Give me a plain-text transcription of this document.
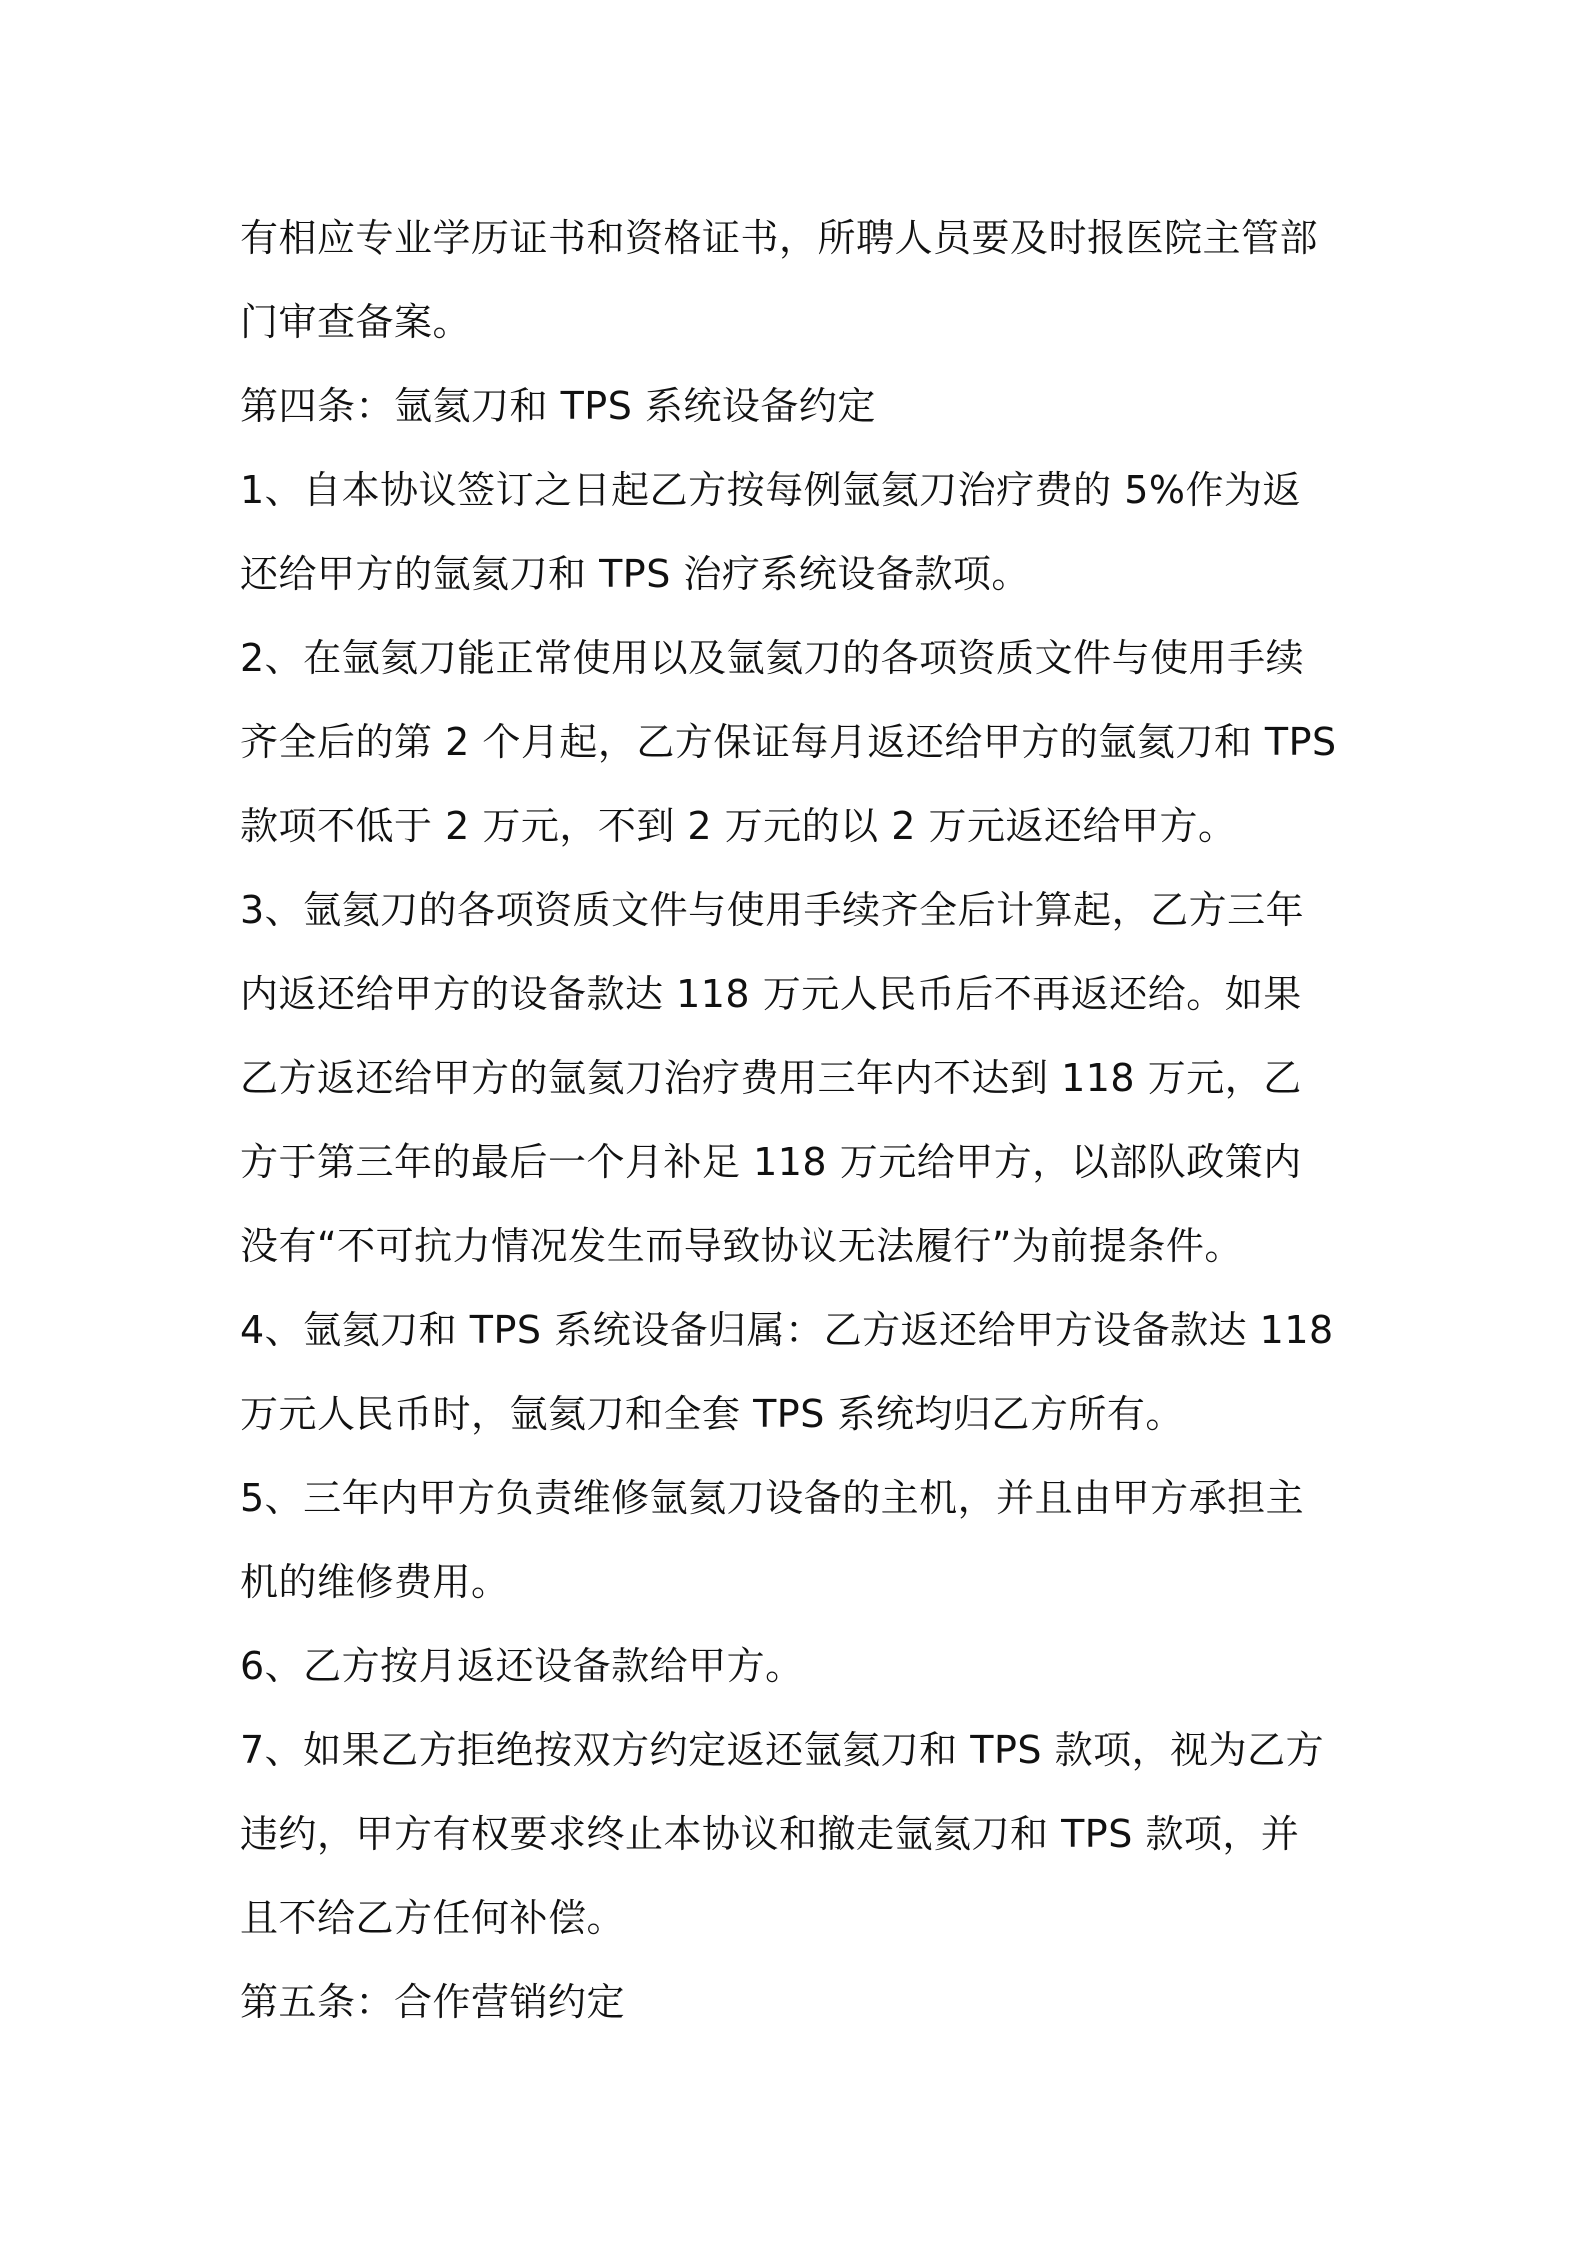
有相应专业学历证书和资格证书，所聘人员要及时报医院主管部
门审查备案。
第四条：氩氦刀和 TPS 系统设备约定
1、自本协议签订之日起乙方按每例氩氦刀治疗费的 5%作为返
还给甲方的氩氦刀和 TPS 治疗系统设备款项。
2、在氩氦刀能正常使用以及氩氦刀的各项资质文件与使用手续
齐全后的第 2 个月起，乙方保证每月返还给甲方的氩氦刀和 TPS
款项不低于 2 万元，不到 2 万元的以 2 万元返还给甲方。
3、氩氦刀的各项资质文件与使用手续齐全后计算起，乙方三年
内返还给甲方的设备款达 118 万元人民币后不再返还给。如果
乙方返还给甲方的氩氦刀治疗费用三年内不达到 118 万元，乙
方于第三年的最后一个月补足 118 万元给甲方，以部队政策内
没有“不可抗力情况发生而导致协议无法履行”为前提条件。
4、氩氦刀和 TPS 系统设备归属：乙方返还给甲方设备款达 118
万元人民币时，氩氦刀和全套 TPS 系统均归乙方所有。
5、三年内甲方负责维修氩氦刀设备的主机，并且由甲方承担主
机的维修费用。
6、乙方按月返还设备款给甲方。
7、如果乙方拒绝按双方约定返还氩氦刀和 TPS 款项，视为乙方
违约，甲方有权要求终止本协议和撤走氩氦刀和 TPS 款项，并
且不给乙方任何补偿。
第五条：合作营销约定
